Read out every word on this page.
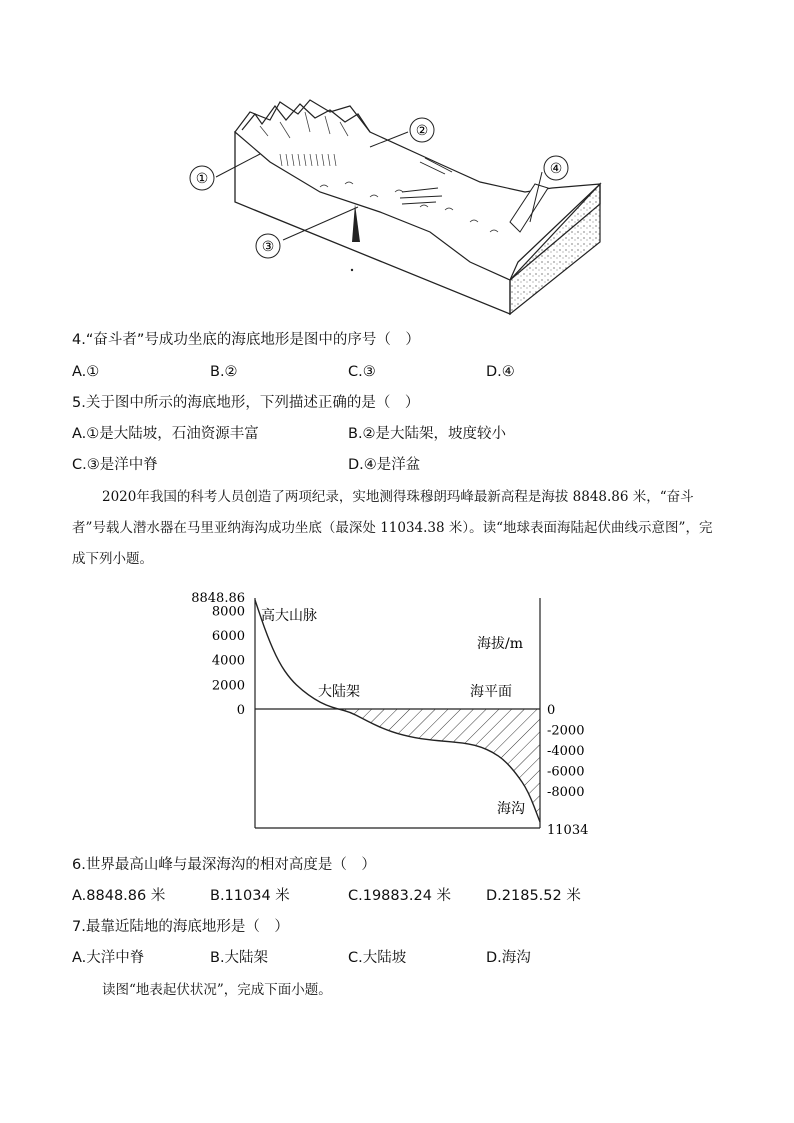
①
②
③
④
4.“奋斗者”号成功坐底的海底地形是图中的序号（　）
A.①	B.②	C.③	D.④
5.关于图中所示的海底地形，下列描述正确的是（　）
A.①是大陆坡，石油资源丰富	B.②是大陆架，坡度较小
C.③是洋中脊	D.④是洋盆
2020年我国的科考人员创造了两项纪录，实地测得珠穆朗玛峰最新高程是海拔 8848.86 米，“奋斗者”号载人潜水器在马里亚纳海沟成功坐底（最深处 11034.38 米）。读“地球表面海陆起伏曲线示意图”，完成下列小题。
8848.86
8000
6000
4000
2000
0	0
-2000
-4000
-6000
-8000
11034
高大山脉
大陆架	海平面
海沟
海拔/m
6.世界最高山峰与最深海沟的相对高度是（　）
A.8848.86 米	B.11034 米	C.19883.24 米 D.2185.52 米
7.最靠近陆地的海底地形是（　）
A.大洋中脊	B.大陆架	C.大陆坡	D.海沟
读图“地表起伏状况”，完成下面小题。
